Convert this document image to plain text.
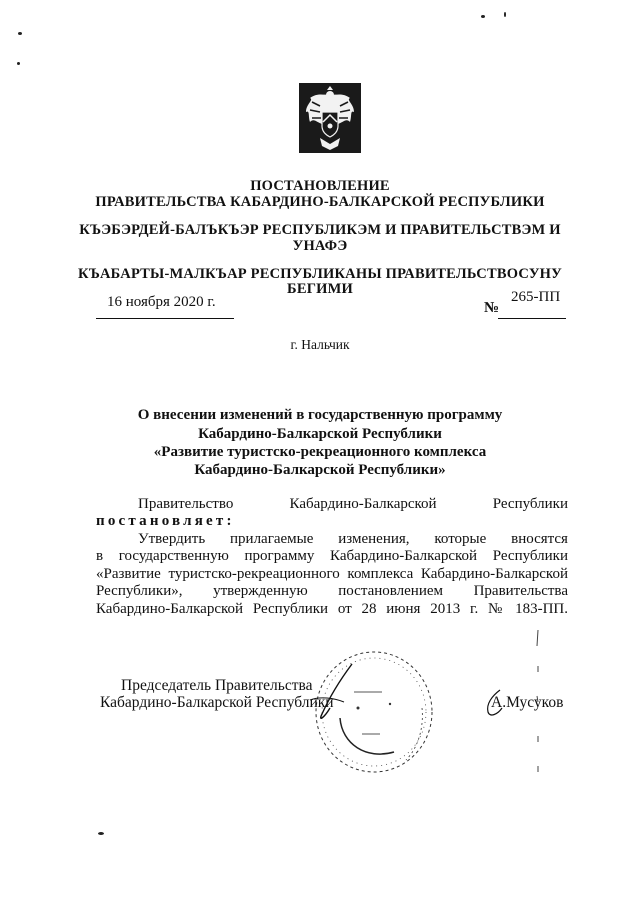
ПОСТАНОВЛЕНИЕ
ПРАВИТЕЛЬСТВА КАБАРДИНО-БАЛКАРСКОЙ РЕСПУБЛИКИ
КЪЭБЭРДЕЙ-БАЛЪКЪЭР РЕСПУБЛИКЭМ И ПРАВИТЕЛЬСТВЭМ И
УНАФЭ
КЪАБАРТЫ-МАЛКЪАР РЕСПУБЛИКАНЫ ПРАВИТЕЛЬСТВОСУНУ
БЕГИМИ
16 ноября 2020 г.	№
265-ПП
г. Нальчик
О внесении изменений в государственную программу
Кабардино-Балкарской Республики
«Развитие туристско-рекреационного комплекса
Кабардино-Балкарской Республики»
Правительство	Кабардино-Балкарской	Республики
постановляет:
Утвердить прилагаемые изменения, которые вносятся
в государственную программу Кабардино-Балкарской Республики
«Развитие туристско-рекреационного комплекса Кабардино-Балкарской
Республики», утвержденную постановлением Правительства
Кабардино-Балкарской Республики от 28 июня 2013 г. № 183-ПП.
Председатель Правительства
Кабардино-Балкарской Республики	А.Мусуков
